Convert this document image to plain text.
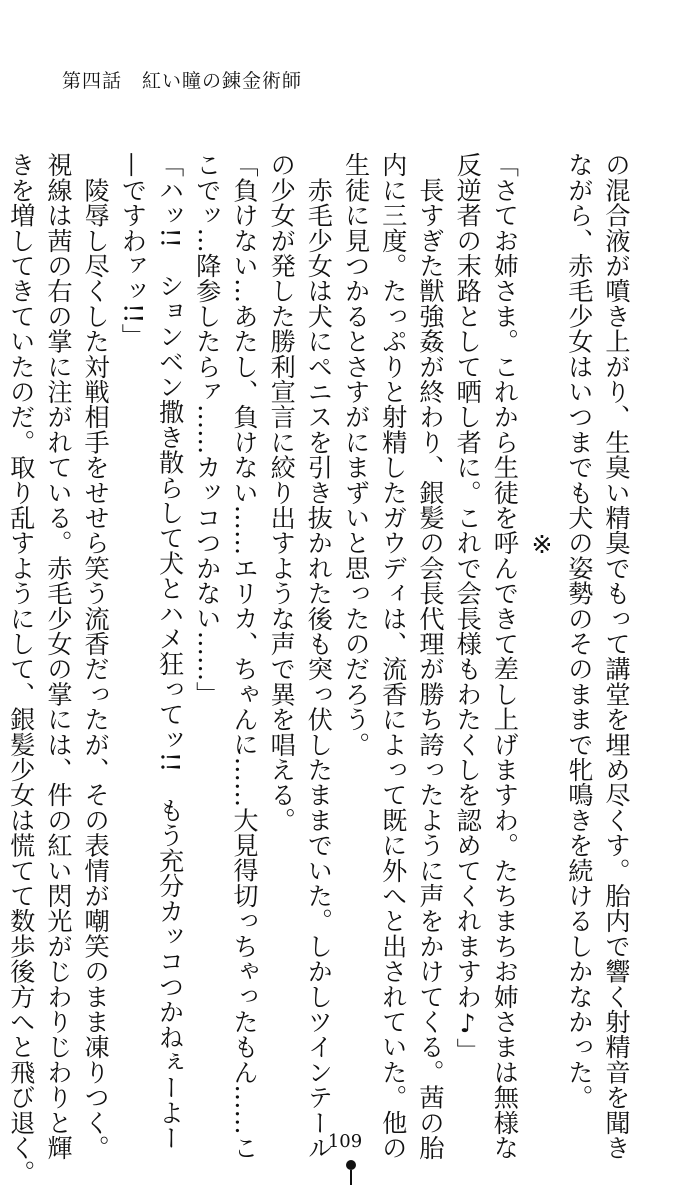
第四話　紅い瞳の錬金術師

の混合液が噴き上がり、生臭い精臭でもって講堂を埋め尽くす。胎内で響く射精音を聞き

ながら、赤毛少女はいつまでも犬の姿勢のそのままで牝鳴きを続けるしかなかった。

※

「さてお姉さま。これから生徒を呼んできて差し上げますわ。たちまちお姉さまは無様な

反逆者の末路として晒し者に。これで会長様もわたくしを認めてくれますわ♪」

　長すぎた獣強姦が終わり、銀髪の会長代理が勝ち誇ったように声をかけてくる。茜の胎

内に三度。たっぷりと射精したガウディは、流香によって既に外へと出されていた。他の

生徒に見つかるとさすがにまずいと思ったのだろう。

　赤毛少女は犬にペニスを引き抜かれた後も突っ伏したままでいた。しかしツインテール

の少女が発した勝利宣言に絞り出すような声で異を唱える。

「負けない…あたし、負けない……エリカ、ちゃんに……大見得切っちゃったもん……こ

こでッ…降参したらァ……カッコつかない……」

「ハッ!!　ションベン撒き散らして犬とハメ狂ってッ!!　もう充分カッコつかねぇーよー

—ですわァッ!!」

　陵辱し尽くした対戦相手をせせら笑う流香だったが、その表情が嘲笑のまま凍りつく。

視線は茜の右の掌に注がれている。赤毛少女の掌には、件の紅い閃光がじわりじわりと輝

きを増してきていたのだ。取り乱すようにして、銀髪少女は慌てて数歩後方へと飛び退く。	109
